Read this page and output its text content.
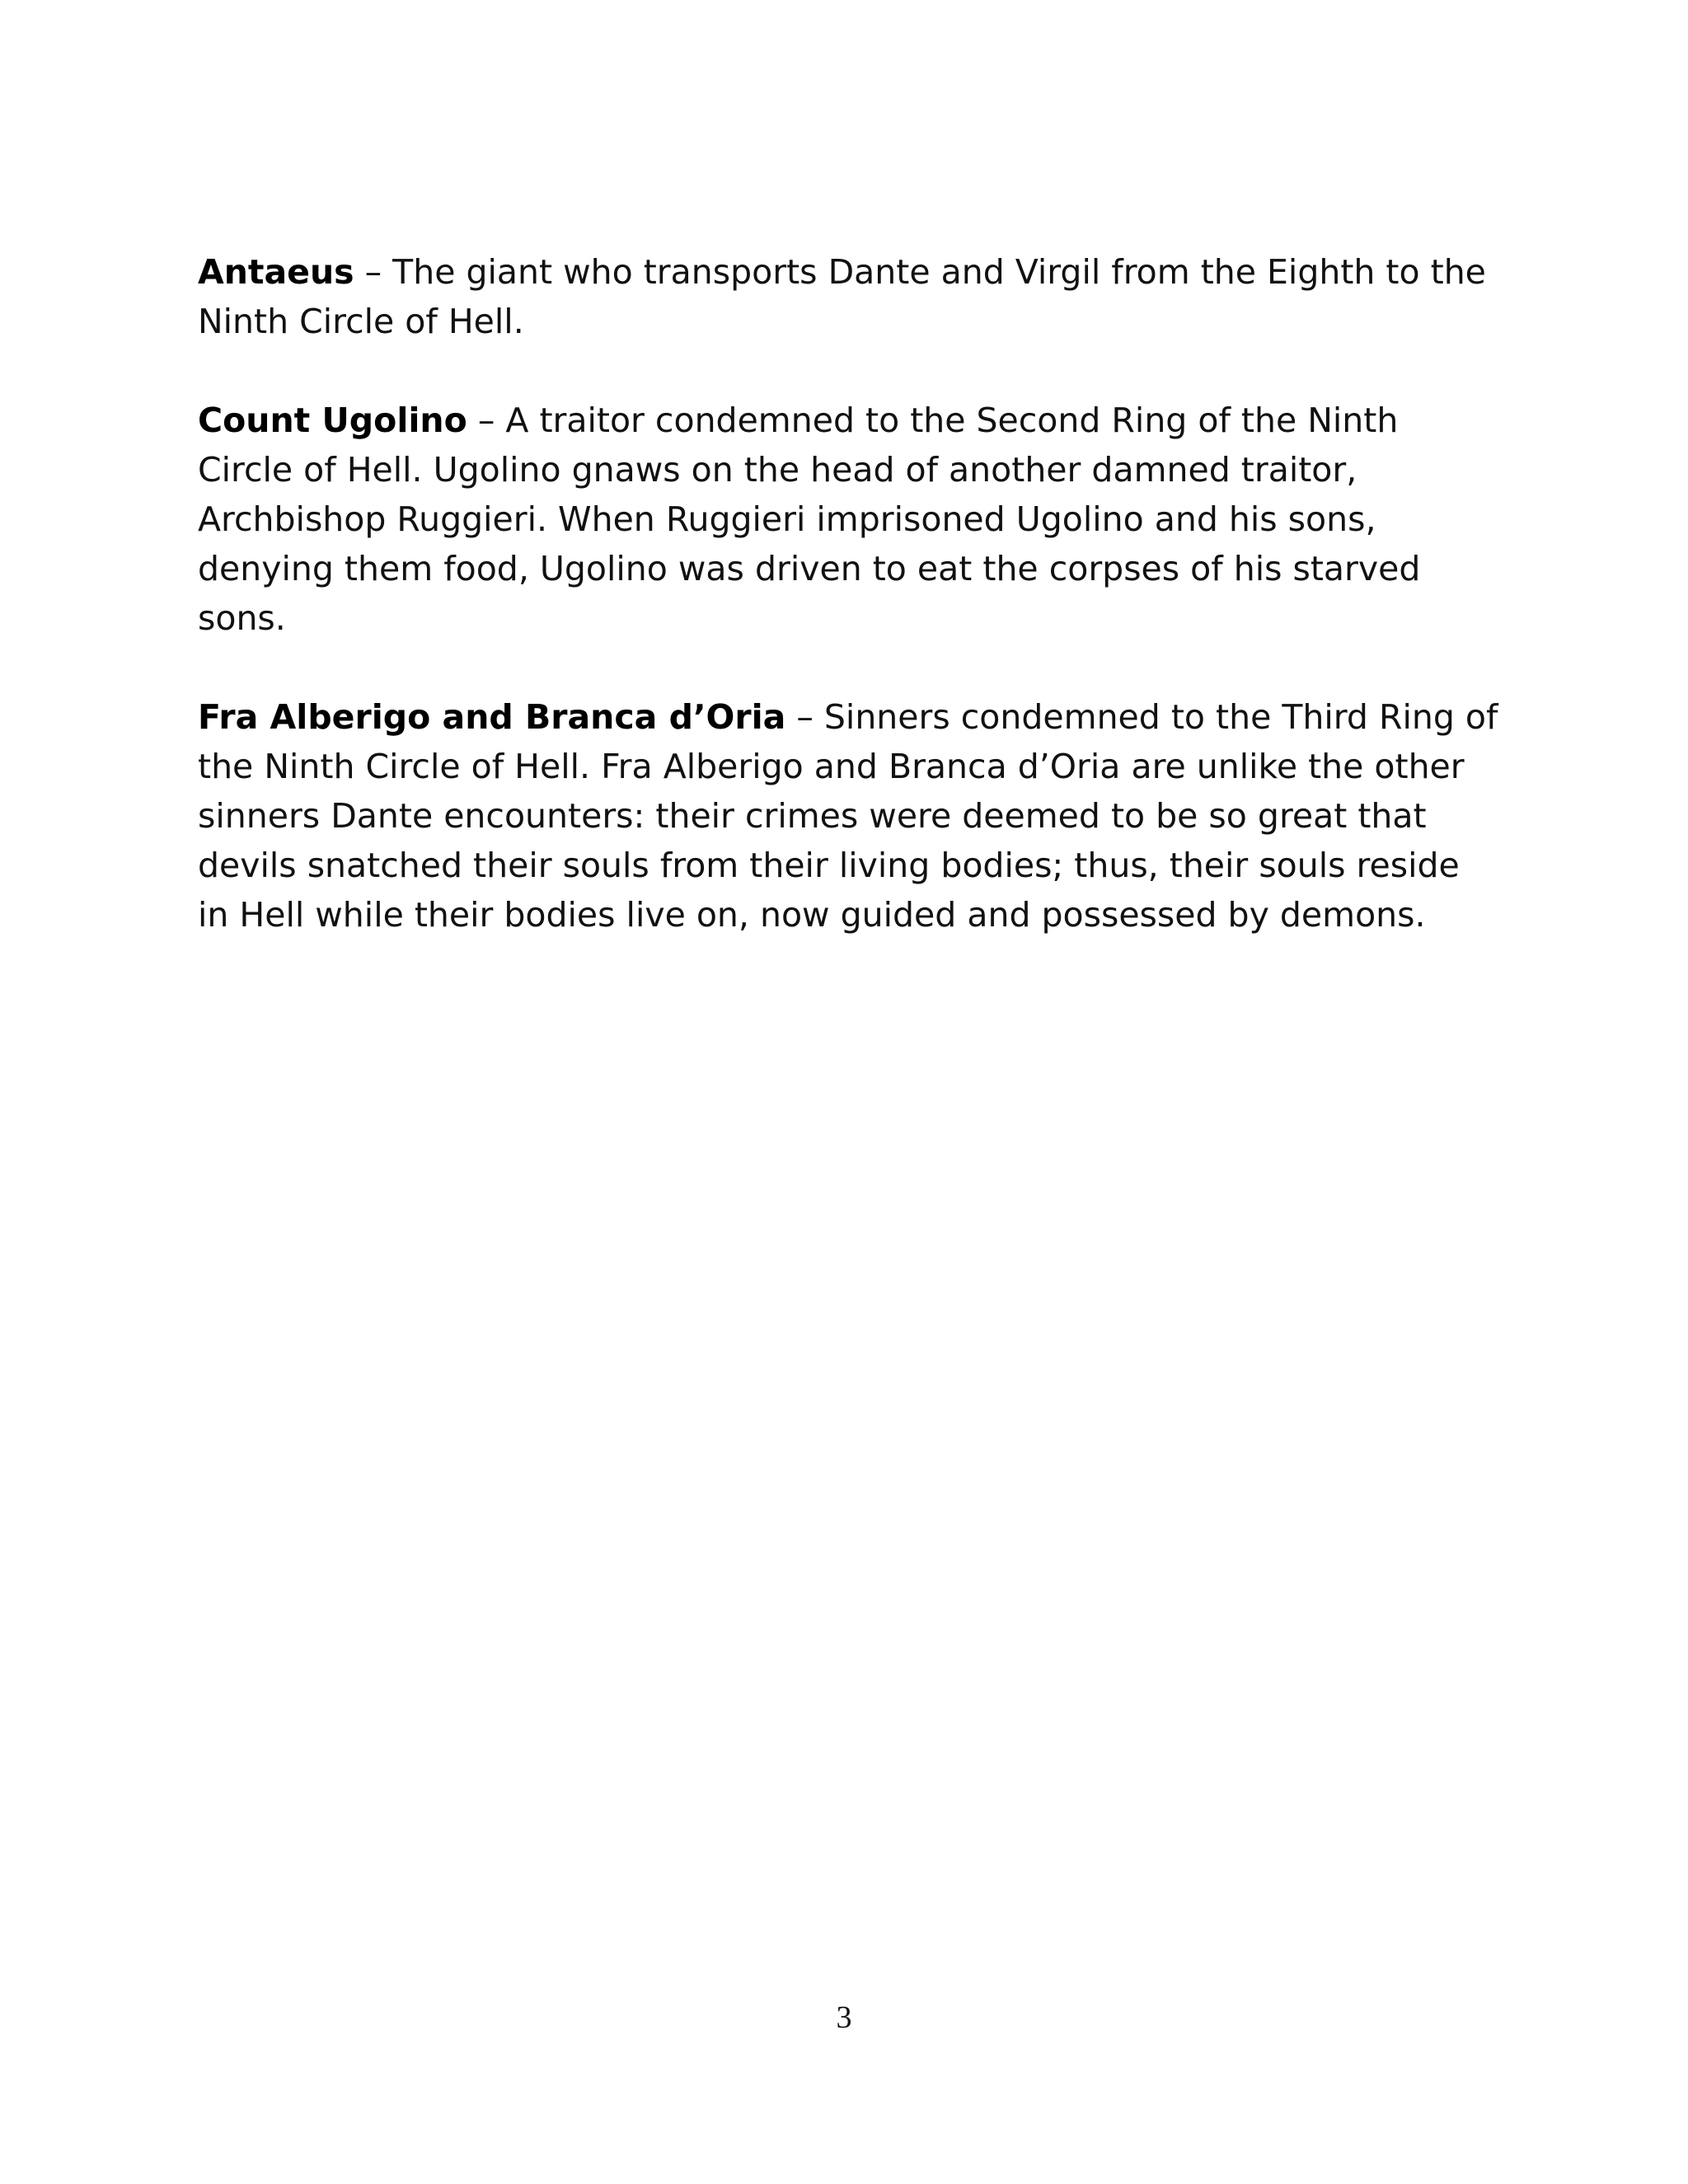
Antaeus – The giant who transports Dante and Virgil from the Eighth to the Ninth Circle of Hell.

Count Ugolino – A traitor condemned to the Second Ring of the Ninth Circle of Hell. Ugolino gnaws on the head of another damned traitor, Archbishop Ruggieri. When Ruggieri imprisoned Ugolino and his sons, denying them food, Ugolino was driven to eat the corpses of his starved sons.

Fra Alberigo and Branca d’Oria – Sinners condemned to the Third Ring of the Ninth Circle of Hell. Fra Alberigo and Branca d’Oria are unlike the other sinners Dante encounters: their crimes were deemed to be so great that devils snatched their souls from their living bodies; thus, their souls reside in Hell while their bodies live on, now guided and possessed by demons.

3
